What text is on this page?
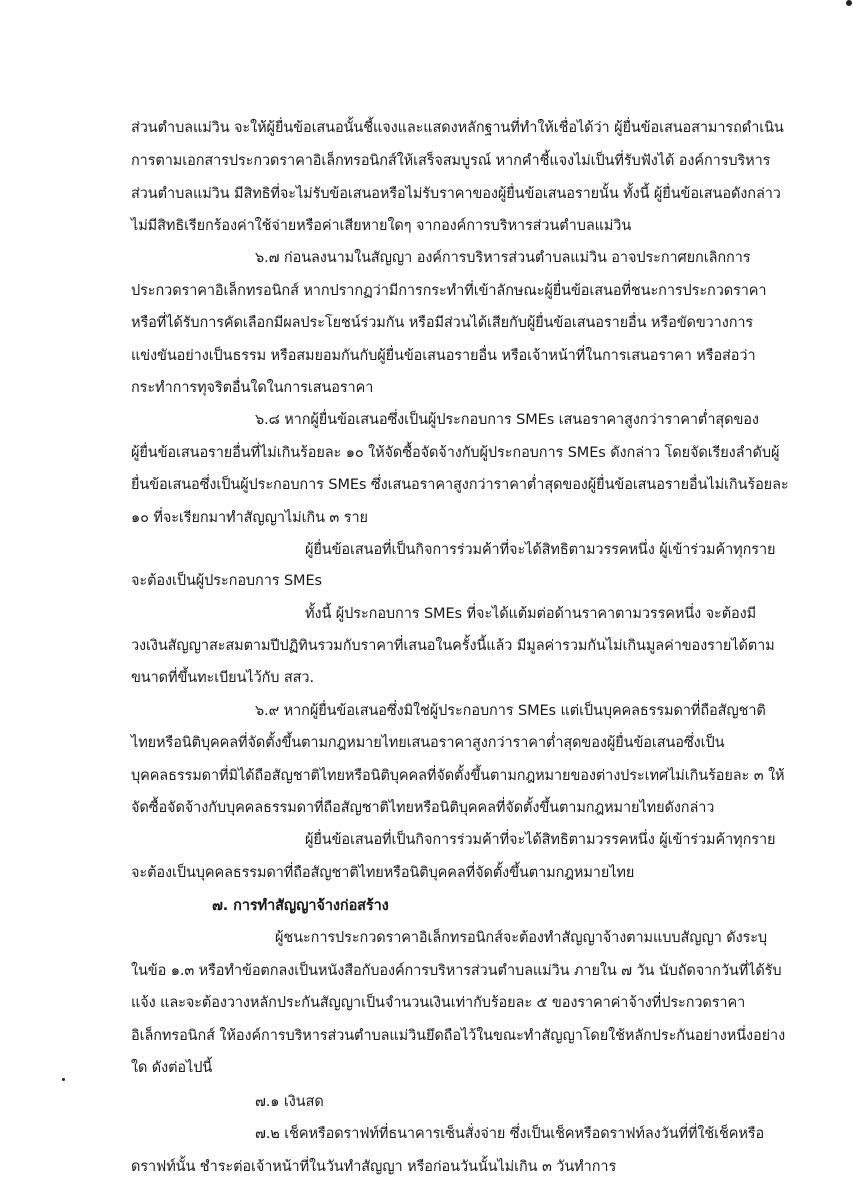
ส่วนตำบลแม่วิน จะให้ผู้ยื่นข้อเสนอนั้นชี้แจงและแสดงหลักฐานที่ทำให้เชื่อได้ว่า ผู้ยื่นข้อเสนอสามารถดำเนิน

การตามเอกสารประกวดราคาอิเล็กทรอนิกส์ให้เสร็จสมบูรณ์ หากคำชี้แจงไม่เป็นที่รับฟังได้ องค์การบริหาร

ส่วนตำบลแม่วิน มีสิทธิที่จะไม่รับข้อเสนอหรือไม่รับราคาของผู้ยื่นข้อเสนอรายนั้น ทั้งนี้ ผู้ยื่นข้อเสนอดังกล่าว

ไม่มีสิทธิเรียกร้องค่าใช้จ่ายหรือค่าเสียหายใดๆ จากองค์การบริหารส่วนตำบลแม่วิน

๖.๗ ก่อนลงนามในสัญญา องค์การบริหารส่วนตำบลแม่วิน อาจประกาศยกเลิกการ

ประกวดราคาอิเล็กทรอนิกส์ หากปรากฏว่ามีการกระทำที่เข้าลักษณะผู้ยื่นข้อเสนอที่ชนะการประกวดราคา

หรือที่ได้รับการคัดเลือกมีผลประโยชน์ร่วมกัน หรือมีส่วนได้เสียกับผู้ยื่นข้อเสนอรายอื่น หรือขัดขวางการ

แข่งขันอย่างเป็นธรรม หรือสมยอมกันกับผู้ยื่นข้อเสนอรายอื่น หรือเจ้าหน้าที่ในการเสนอราคา หรือส่อว่า

กระทำการทุจริตอื่นใดในการเสนอราคา

๖.๘ หากผู้ยื่นข้อเสนอซึ่งเป็นผู้ประกอบการ SMEs เสนอราคาสูงกว่าราคาต่ำสุดของ

ผู้ยื่นข้อเสนอรายอื่นที่ไม่เกินร้อยละ ๑๐ ให้จัดซื้อจัดจ้างกับผู้ประกอบการ SMEs ดังกล่าว โดยจัดเรียงลำดับผู้

ยื่นข้อเสนอซึ่งเป็นผู้ประกอบการ SMEs ซึ่งเสนอราคาสูงกว่าราคาต่ำสุดของผู้ยื่นข้อเสนอรายอื่นไม่เกินร้อยละ

๑๐ ที่จะเรียกมาทำสัญญาไม่เกิน ๓ ราย

ผู้ยื่นข้อเสนอที่เป็นกิจการร่วมค้าที่จะได้สิทธิตามวรรคหนึ่ง ผู้เข้าร่วมค้าทุกราย

จะต้องเป็นผู้ประกอบการ SMEs

ทั้งนี้ ผู้ประกอบการ SMEs ที่จะได้แต้มต่อด้านราคาตามวรรคหนึ่ง จะต้องมี

วงเงินสัญญาสะสมตามปีปฏิทินรวมกับราคาที่เสนอในครั้งนี้แล้ว มีมูลค่ารวมกันไม่เกินมูลค่าของรายได้ตาม

ขนาดที่ขึ้นทะเบียนไว้กับ สสว.

๖.๙ หากผู้ยื่นข้อเสนอซึ่งมิใช่ผู้ประกอบการ SMEs แต่เป็นบุคคลธรรมดาที่ถือสัญชาติ

ไทยหรือนิติบุคคลที่จัดตั้งขึ้นตามกฎหมายไทยเสนอราคาสูงกว่าราคาต่ำสุดของผู้ยื่นข้อเสนอซึ่งเป็น

บุคคลธรรมดาที่มิได้ถือสัญชาติไทยหรือนิติบุคคลที่จัดตั้งขึ้นตามกฎหมายของต่างประเทศไม่เกินร้อยละ ๓ ให้

จัดซื้อจัดจ้างกับบุคคลธรรมดาที่ถือสัญชาติไทยหรือนิติบุคคลที่จัดตั้งขึ้นตามกฎหมายไทยดังกล่าว

ผู้ยื่นข้อเสนอที่เป็นกิจการร่วมค้าที่จะได้สิทธิตามวรรคหนึ่ง ผู้เข้าร่วมค้าทุกราย

จะต้องเป็นบุคคลธรรมดาที่ถือสัญชาติไทยหรือนิติบุคคลที่จัดตั้งขึ้นตามกฎหมายไทย

๗. การทำสัญญาจ้างก่อสร้าง

ผู้ชนะการประกวดราคาอิเล็กทรอนิกส์จะต้องทำสัญญาจ้างตามแบบสัญญา ดังระบุ

ในข้อ ๑.๓ หรือทำข้อตกลงเป็นหนังสือกับองค์การบริหารส่วนตำบลแม่วิน ภายใน ๗ วัน นับถัดจากวันที่ได้รับ

แจ้ง และจะต้องวางหลักประกันสัญญาเป็นจำนวนเงินเท่ากับร้อยละ ๕ ของราคาค่าจ้างที่ประกวดราคา

อิเล็กทรอนิกส์ ให้องค์การบริหารส่วนตำบลแม่วินยึดถือไว้ในขณะทำสัญญาโดยใช้หลักประกันอย่างหนึ่งอย่าง

ใด ดังต่อไปนี้

๗.๑ เงินสด

๗.๒ เช็คหรือดราฟท์ที่ธนาคารเซ็นสั่งจ่าย ซึ่งเป็นเช็คหรือดราฟท์ลงวันที่ที่ใช้เช็คหรือ

ดราฟท์นั้น ชำระต่อเจ้าหน้าที่ในวันทำสัญญา หรือก่อนวันนั้นไม่เกิน ๓ วันทำการ
